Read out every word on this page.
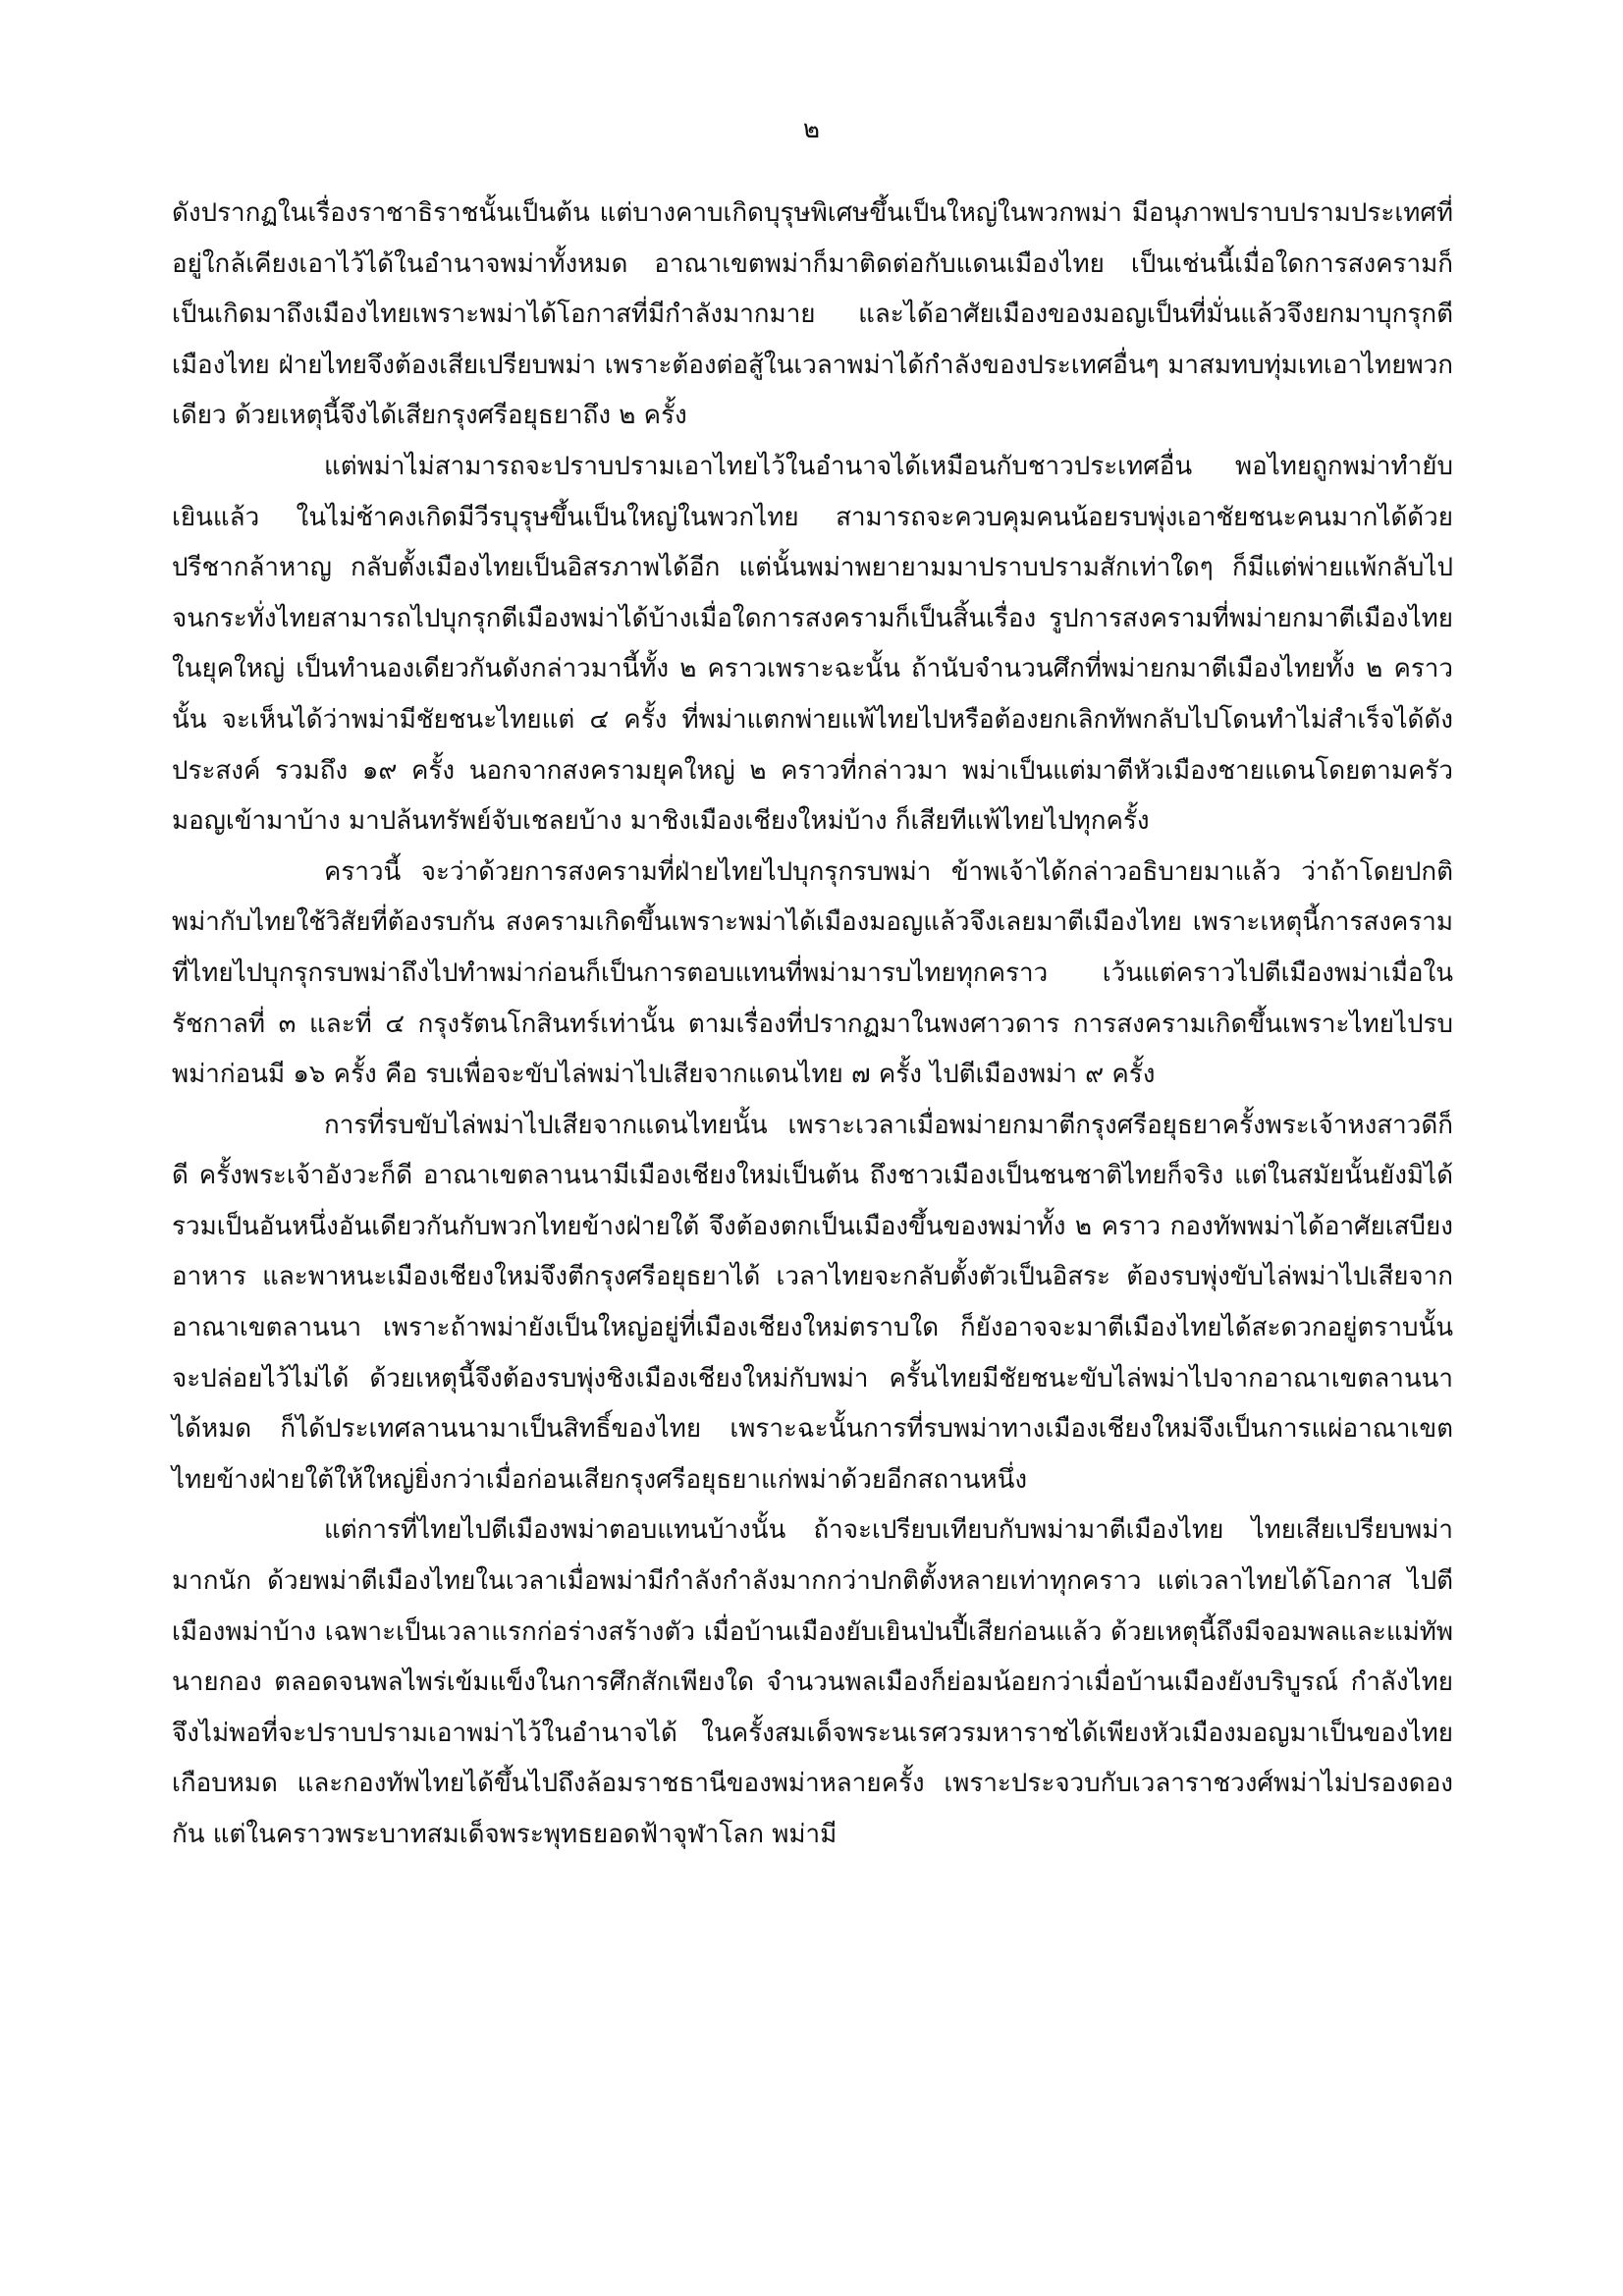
๒

ดังปรากฏในเรื่องราชาธิราชนั้นเป็นต้น แต่บางคาบเกิดบุรุษพิเศษขึ้นเป็นใหญ่ในพวกพม่า มีอนุภาพปราบปรามประเทศที่อยู่ใกล้เคียงเอาไว้ได้ในอำนาจพม่าทั้งหมด อาณาเขตพม่าก็มาติดต่อกับแดนเมืองไทย เป็นเช่นนี้เมื่อใดการสงครามก็เป็นเกิดมาถึงเมืองไทยเพราะพม่าได้โอกาสที่มีกำลังมากมาย และได้อาศัยเมืองของมอญเป็นที่มั่นแล้วจึงยกมาบุกรุกตีเมืองไทย ฝ่ายไทยจึงต้องเสียเปรียบพม่า เพราะต้องต่อสู้ในเวลาพม่าได้กำลังของประเทศอื่นๆ มาสมทบทุ่มเทเอาไทยพวกเดียว ด้วยเหตุนี้จึงได้เสียกรุงศรีอยุธยาถึง ๒ ครั้ง

แต่พม่าไม่สามารถจะปราบปรามเอาไทยไว้ในอำนาจได้เหมือนกับชาวประเทศอื่น พอไทยถูกพม่าทำยับเยินแล้ว ในไม่ช้าคงเกิดมีวีรบุรุษขึ้นเป็นใหญ่ในพวกไทย สามารถจะควบคุมคนน้อยรบพุ่งเอาชัยชนะคนมากได้ด้วยปรีชากล้าหาญ กลับตั้งเมืองไทยเป็นอิสรภาพได้อีก แต่นั้นพม่าพยายามมาปราบปรามสักเท่าใดๆ ก็มีแต่พ่ายแพ้กลับไป จนกระทั่งไทยสามารถไปบุกรุกตีเมืองพม่าได้บ้างเมื่อใดการสงครามก็เป็นสิ้นเรื่อง รูปการสงครามที่พม่ายกมาตีเมืองไทยในยุคใหญ่ เป็นทำนองเดียวกันดังกล่าวมานี้ทั้ง ๒ คราวเพราะฉะนั้น ถ้านับจำนวนศึกที่พม่ายกมาตีเมืองไทยทั้ง ๒ คราวนั้น จะเห็นได้ว่าพม่ามีชัยชนะไทยแต่ ๔ ครั้ง ที่พม่าแตกพ่ายแพ้ไทยไปหรือต้องยกเลิกทัพกลับไปโดนทำไม่สำเร็จได้ดังประสงค์ รวมถึง ๑๙ ครั้ง นอกจากสงครามยุคใหญ่ ๒ คราวที่กล่าวมา พม่าเป็นแต่มาตีหัวเมืองชายแดนโดยตามครัวมอญเข้ามาบ้าง มาปล้นทรัพย์จับเชลยบ้าง มาชิงเมืองเชียงใหม่บ้าง ก็เสียทีแพ้ไทยไปทุกครั้ง

คราวนี้ จะว่าด้วยการสงครามที่ฝ่ายไทยไปบุกรุกรบพม่า ข้าพเจ้าได้กล่าวอธิบายมาแล้ว ว่าถ้าโดยปกติพม่ากับไทยใช้วิสัยที่ต้องรบกัน สงครามเกิดขึ้นเพราะพม่าได้เมืองมอญแล้วจึงเลยมาตีเมืองไทย เพราะเหตุนี้การสงครามที่ไทยไปบุกรุกรบพม่าถึงไปทำพม่าก่อนก็เป็นการตอบแทนที่พม่ามารบไทยทุกคราว เว้นแต่คราวไปตีเมืองพม่าเมื่อในรัชกาลที่ ๓ และที่ ๔ กรุงรัตนโกสินทร์เท่านั้น ตามเรื่องที่ปรากฏมาในพงศาวดาร การสงครามเกิดขึ้นเพราะไทยไปรบพม่าก่อนมี ๑๖ ครั้ง คือ รบเพื่อจะขับไล่พม่าไปเสียจากแดนไทย ๗ ครั้ง ไปตีเมืองพม่า ๙ ครั้ง

การที่รบขับไล่พม่าไปเสียจากแดนไทยนั้น เพราะเวลาเมื่อพม่ายกมาตีกรุงศรีอยุธยาครั้งพระเจ้าหงสาวดีก็ดี ครั้งพระเจ้าอังวะก็ดี อาณาเขตลานนามีเมืองเชียงใหม่เป็นต้น ถึงชาวเมืองเป็นชนชาติไทยก็จริง แต่ในสมัยนั้นยังมิได้รวมเป็นอันหนึ่งอันเดียวกันกับพวกไทยข้างฝ่ายใต้ จึงต้องตกเป็นเมืองขึ้นของพม่าทั้ง ๒ คราว กองทัพพม่าได้อาศัยเสบียงอาหาร และพาหนะเมืองเชียงใหม่จึงตีกรุงศรีอยุธยาได้ เวลาไทยจะกลับตั้งตัวเป็นอิสระ ต้องรบพุ่งขับไล่พม่าไปเสียจากอาณาเขตลานนา เพราะถ้าพม่ายังเป็นใหญ่อยู่ที่เมืองเชียงใหม่ตราบใด ก็ยังอาจจะมาตีเมืองไทยได้สะดวกอยู่ตราบนั้นจะปล่อยไว้ไม่ได้ ด้วยเหตุนี้จึงต้องรบพุ่งชิงเมืองเชียงใหม่กับพม่า ครั้นไทยมีชัยชนะขับไล่พม่าไปจากอาณาเขตลานนาได้หมด ก็ได้ประเทศลานนามาเป็นสิทธิ์ของไทย เพราะฉะนั้นการที่รบพม่าทางเมืองเชียงใหม่จึงเป็นการแผ่อาณาเขตไทยข้างฝ่ายใต้ให้ใหญ่ยิ่งกว่าเมื่อก่อนเสียกรุงศรีอยุธยาแก่พม่าด้วยอีกสถานหนึ่ง

แต่การที่ไทยไปตีเมืองพม่าตอบแทนบ้างนั้น ถ้าจะเปรียบเทียบกับพม่ามาตีเมืองไทย ไทยเสียเปรียบพม่ามากนัก ด้วยพม่าตีเมืองไทยในเวลาเมื่อพม่ามีกำลังกำลังมากกว่าปกติตั้งหลายเท่าทุกคราว แต่เวลาไทยได้โอกาส ไปตีเมืองพม่าบ้าง เฉพาะเป็นเวลาแรกก่อร่างสร้างตัว เมื่อบ้านเมืองยับเยินป่นปี้เสียก่อนแล้ว ด้วยเหตุนี้ถึงมีจอมพลและแม่ทัพนายกอง ตลอดจนพลไพร่เข้มแข็งในการศึกสักเพียงใด จำนวนพลเมืองก็ย่อมน้อยกว่าเมื่อบ้านเมืองยังบริบูรณ์ กำลังไทยจึงไม่พอที่จะปราบปรามเอาพม่าไว้ในอำนาจได้ ในครั้งสมเด็จพระนเรศวรมหาราชได้เพียงหัวเมืองมอญมาเป็นของไทยเกือบหมด และกองทัพไทยได้ขึ้นไปถึงล้อมราชธานีของพม่าหลายครั้ง เพราะประจวบกับเวลาราชวงศ์พม่าไม่ปรองดองกัน แต่ในคราวพระบาทสมเด็จพระพุทธยอดฟ้าจุฬาโลก พม่ามี
